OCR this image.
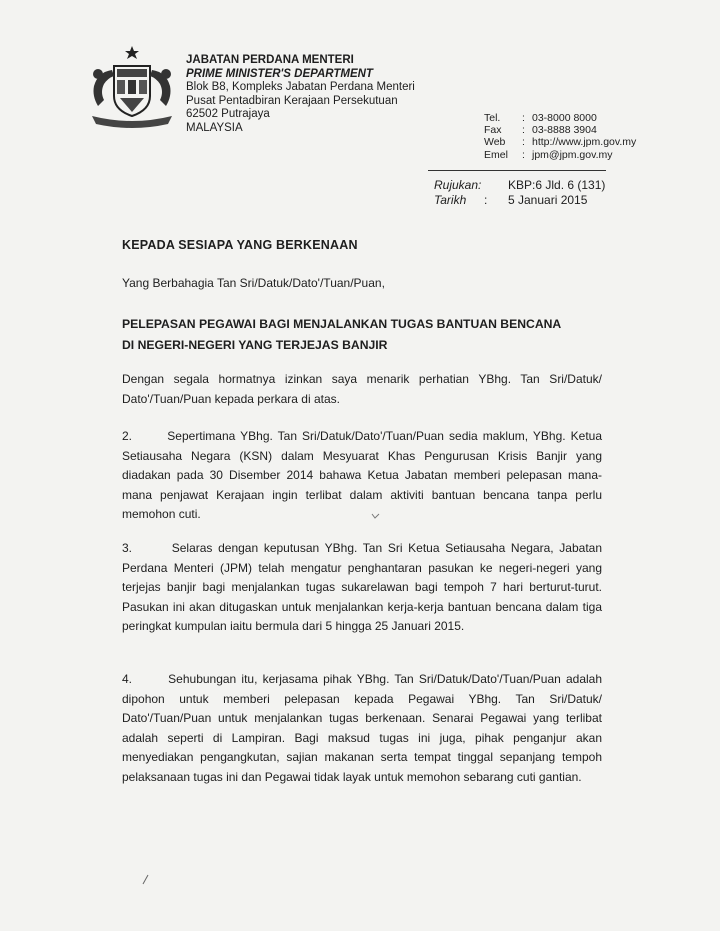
JABATAN PERDANA MENTERI
PRIME MINISTER'S DEPARTMENT
Blok B8, Kompleks Jabatan Perdana Menteri
Pusat Pentadbiran Kerajaan Persekutuan
62502 Putrajaya
MALAYSIA
Tel.	: 03-8000 8000
Fax	: 03-8888 3904
Web	: http://www.jpm.gov.my
Emel	: jpm@jpm.gov.my
Rujukan: KBP:6 Jld. 6 (131)
Tarikh	:	5 Januari 2015
KEPADA SESIAPA YANG BERKENAAN
Yang Berbahagia Tan Sri/Datuk/Dato'/Tuan/Puan,
PELEPASAN PEGAWAI BAGI MENJALANKAN TUGAS BANTUAN BENCANA
DI NEGERI-NEGERI YANG TERJEJAS BANJIR
Dengan segala hormatnya izinkan saya menarik perhatian YBhg. Tan Sri/Datuk/ Dato'/Tuan/Puan kepada perkara di atas.
2.       Sepertimana YBhg. Tan Sri/Datuk/Dato'/Tuan/Puan sedia maklum, YBhg. Ketua Setiausaha Negara (KSN) dalam Mesyuarat Khas Pengurusan Krisis Banjir yang diadakan pada 30 Disember 2014 bahawa Ketua Jabatan memberi pelepasan mana-mana penjawat Kerajaan ingin terlibat dalam aktiviti bantuan bencana tanpa perlu memohon cuti.
3.       Selaras dengan keputusan YBhg. Tan Sri Ketua Setiausaha Negara, Jabatan Perdana Menteri (JPM) telah mengatur penghantaran pasukan ke negeri-negeri yang terjejas banjir bagi menjalankan tugas sukarelawan bagi tempoh 7 hari berturut-turut. Pasukan ini akan ditugaskan untuk menjalankan kerja-kerja bantuan bencana dalam tiga peringkat kumpulan iaitu bermula dari 5 hingga 25 Januari 2015.
4.       Sehubungan itu, kerjasama pihak YBhg. Tan Sri/Datuk/Dato'/Tuan/Puan adalah dipohon untuk memberi pelepasan kepada Pegawai YBhg. Tan Sri/Datuk/ Dato'/Tuan/Puan untuk menjalankan tugas berkenaan. Senarai Pegawai yang terlibat adalah seperti di Lampiran. Bagi maksud tugas ini juga, pihak penganjur akan menyediakan pengangkutan, sajian makanan serta tempat tinggal sepanjang tempoh pelaksanaan tugas ini dan Pegawai tidak layak untuk memohon sebarang cuti gantian.
